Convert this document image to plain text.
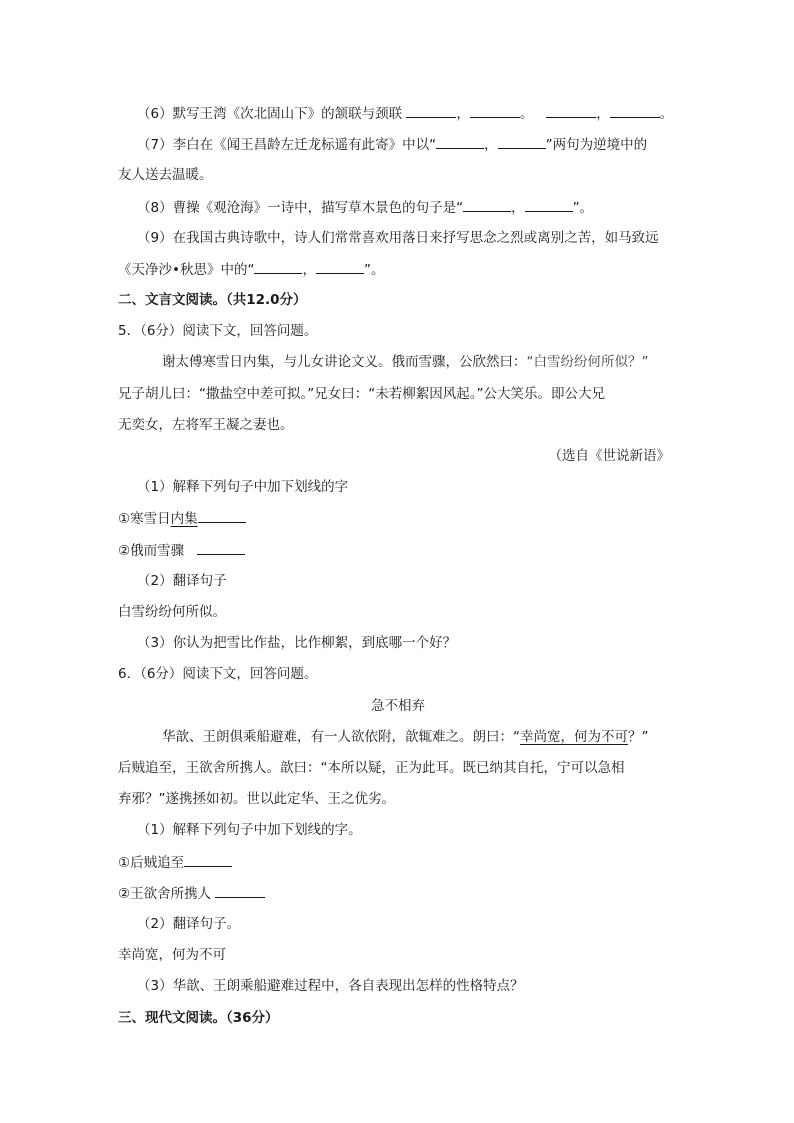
（6）默写王湾《次北固山下》的颔联与颈联	，	。	，	。
（7）李白在《闻王昌龄左迁龙标遥有此寄》中以“	，	”两句为逆境中的
友人送去温暖。
（8）曹操《观沧海》一诗中，描写草木景色的句子是“	，	”。
（9）在我国古典诗歌中，诗人们常常喜欢用落日来抒写思念之烈或离别之苦，如马致远
《天净沙•秋思》中的“	，	”。
二、文言文阅读。（共12.0分）
5．（6分）阅读下文，回答问题。
谢太傅寒雪日内集，与儿女讲论文义。俄而雪骤，公欣然曰：“白雪纷纷何所似？”
兄子胡儿曰：“撒盐空中差可拟。”兄女曰：“未若柳絮因风起。”公大笑乐。即公大兄
无奕女，左将军王凝之妻也。
（选自《世说新语》
（1）解释下列句子中加下划线的字
①寒雪日内集
②俄而雪骤
（2）翻译句子
白雪纷纷何所似。
（3）你认为把雪比作盐，比作柳絮，到底哪一个好？
6．（6分）阅读下文，回答问题。
急不相弃
华歆、王朗俱乘船避难，有一人欲依附，歆辄难之。朗曰：“幸尚宽，何为不可？”
后贼追至，王欲舍所携人。歆曰：“本所以疑，正为此耳。既已纳其自托，宁可以急相
弃邪？”遂携拯如初。世以此定华、王之优劣。
（1）解释下列句子中加下划线的字。
①后贼追至
②王欲舍所携人
（2）翻译句子。
幸尚宽，何为不可
（3）华歆、王朗乘船避难过程中，各自表现出怎样的性格特点？
三、现代文阅读。（36分）
